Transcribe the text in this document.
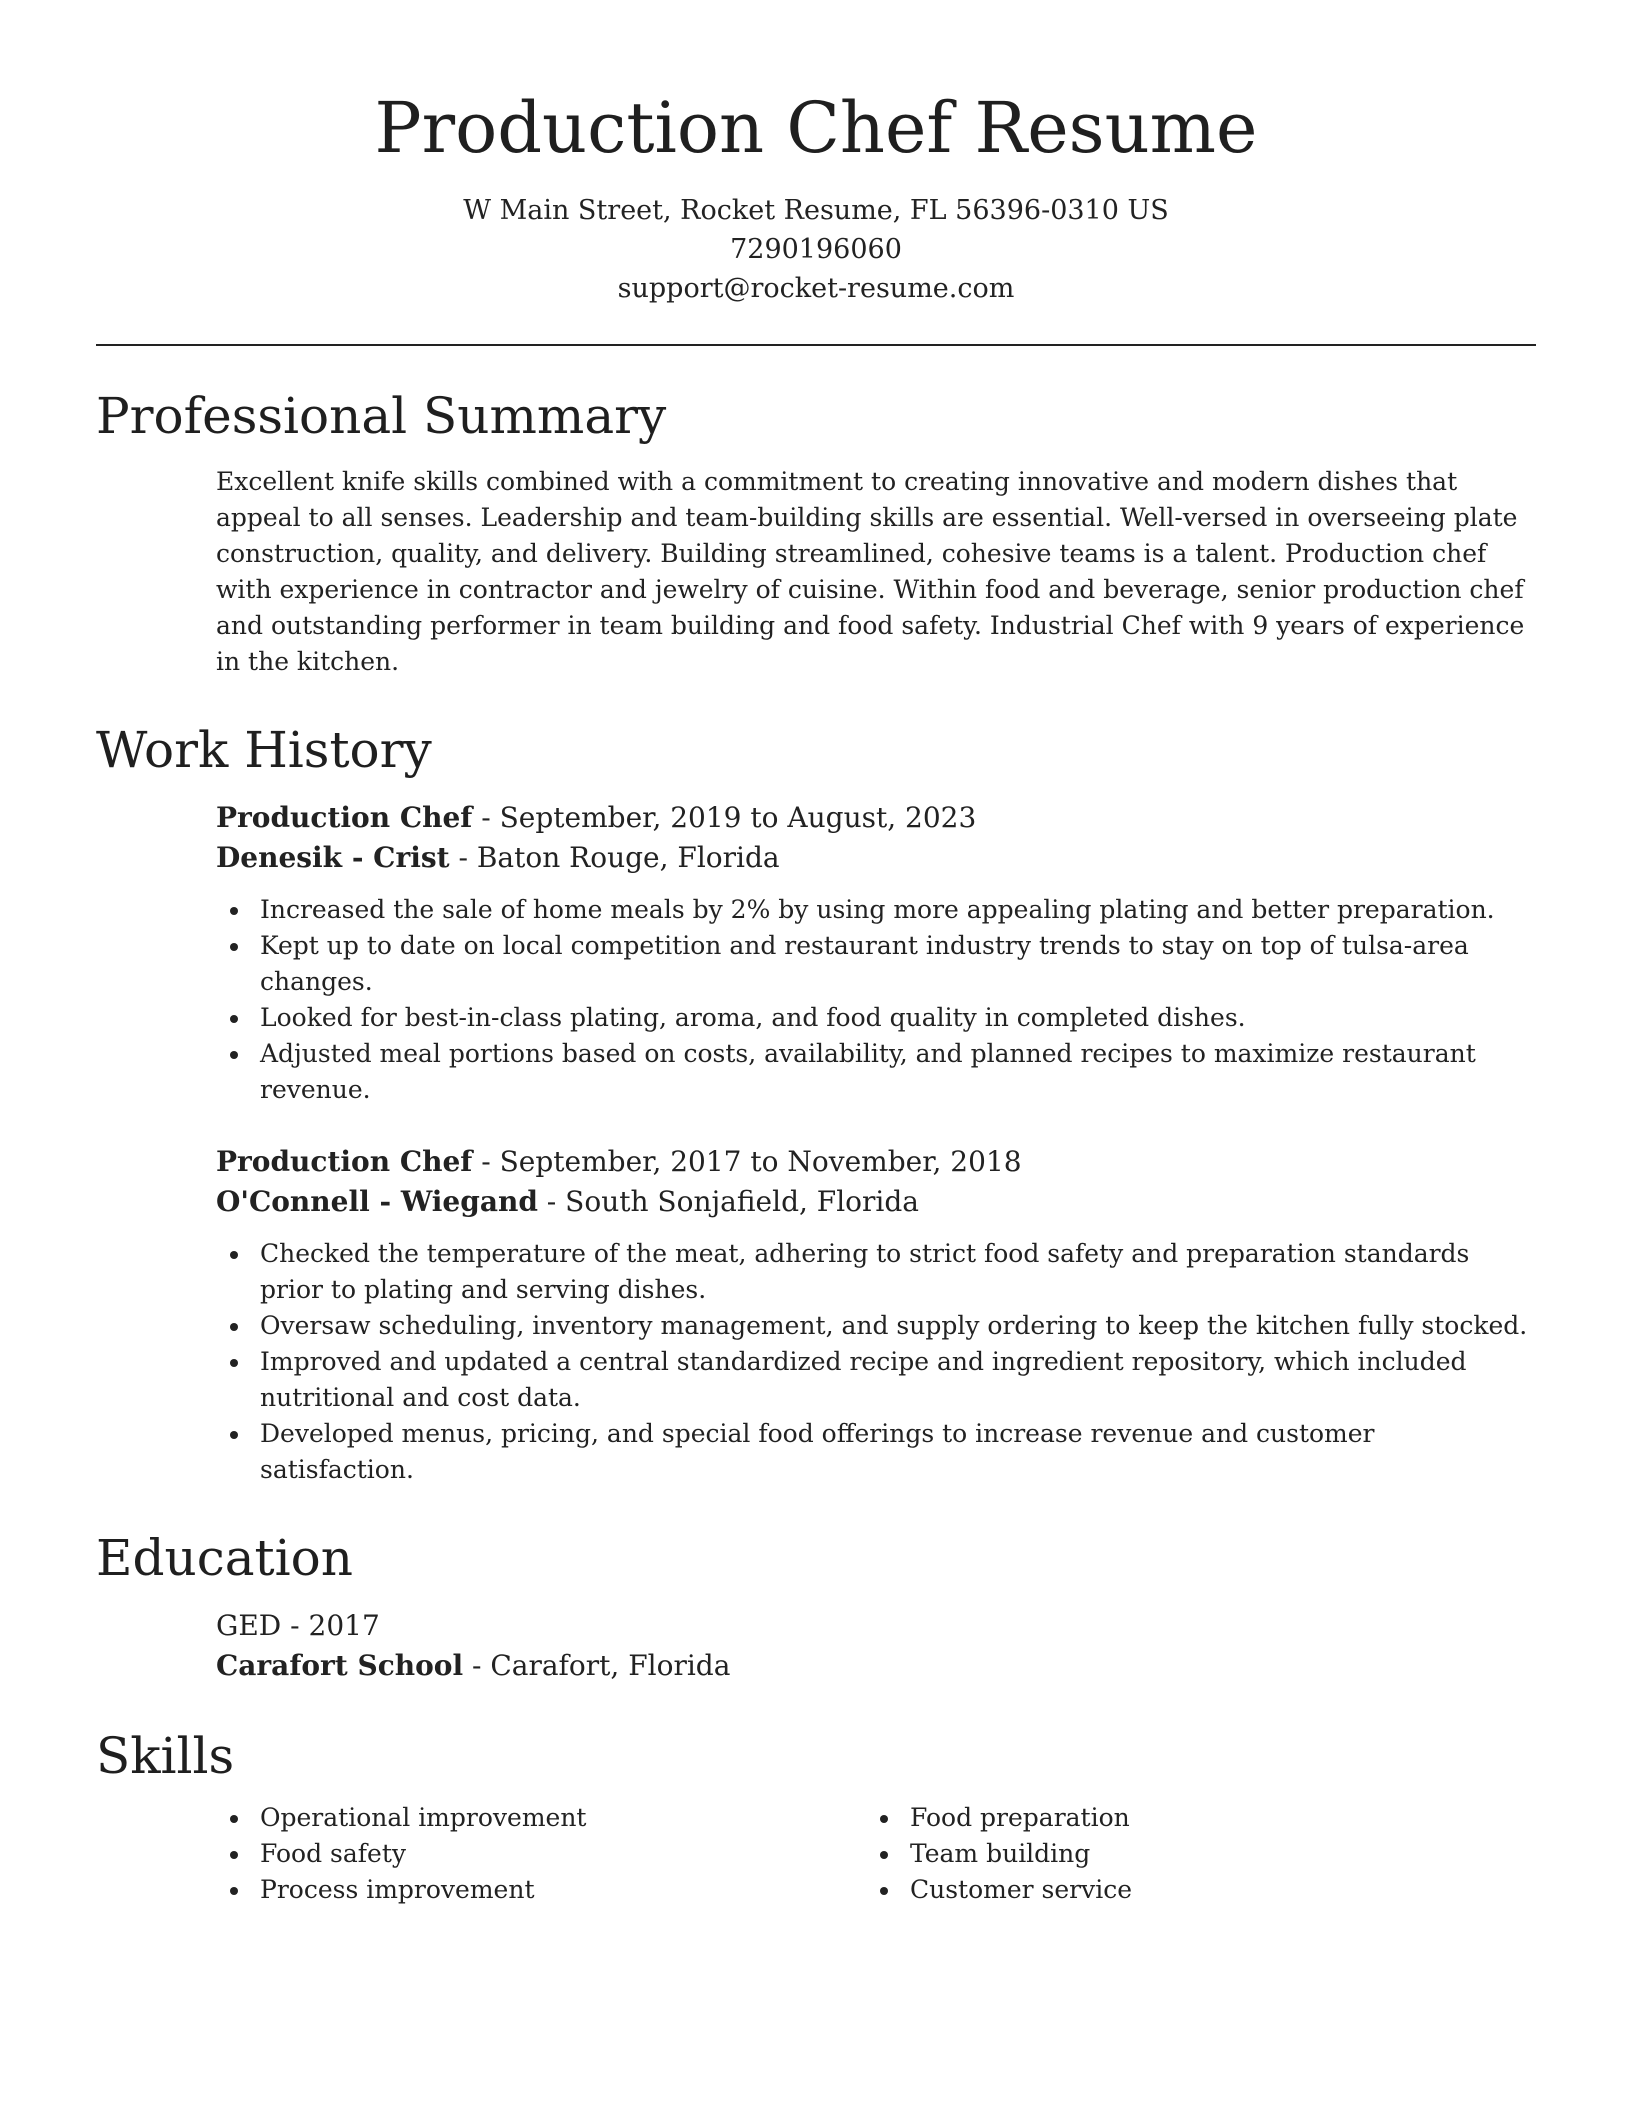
Production Chef Resume
W Main Street, Rocket Resume, FL 56396-0310 US
7290196060
support@rocket-resume.com
Professional Summary

Excellent knife skills combined with a commitment to creating innovative and modern dishes that appeal to all senses. Leadership and team-building skills are essential. Well-versed in overseeing plate construction, quality, and delivery. Building streamlined, cohesive teams is a talent. Production chef with experience in contractor and jewelry of cuisine. Within food and beverage, senior production chef and outstanding performer in team building and food safety. Industrial Chef with 9 years of experience in the kitchen.

Work History
Production Chef - September, 2019 to August, 2023
Denesik - Crist - Baton Rouge, Florida
Increased the sale of home meals by 2% by using more appealing plating and better preparation.
Kept up to date on local competition and restaurant industry trends to stay on top of tulsa-area changes.
Looked for best-in-class plating, aroma, and food quality in completed dishes.
Adjusted meal portions based on costs, availability, and planned recipes to maximize restaurant revenue.
Production Chef - September, 2017 to November, 2018
O'Connell - Wiegand - South Sonjafield, Florida
Checked the temperature of the meat, adhering to strict food safety and preparation standards prior to plating and serving dishes.
Oversaw scheduling, inventory management, and supply ordering to keep the kitchen fully stocked.
Improved and updated a central standardized recipe and ingredient repository, which included nutritional and cost data.
Developed menus, pricing, and special food offerings to increase revenue and customer satisfaction.
Education
GED - 2017
Carafort School - Carafort, Florida
Skills
Operational improvement
Food safety
Process improvement
Food preparation
Team building
Customer service
